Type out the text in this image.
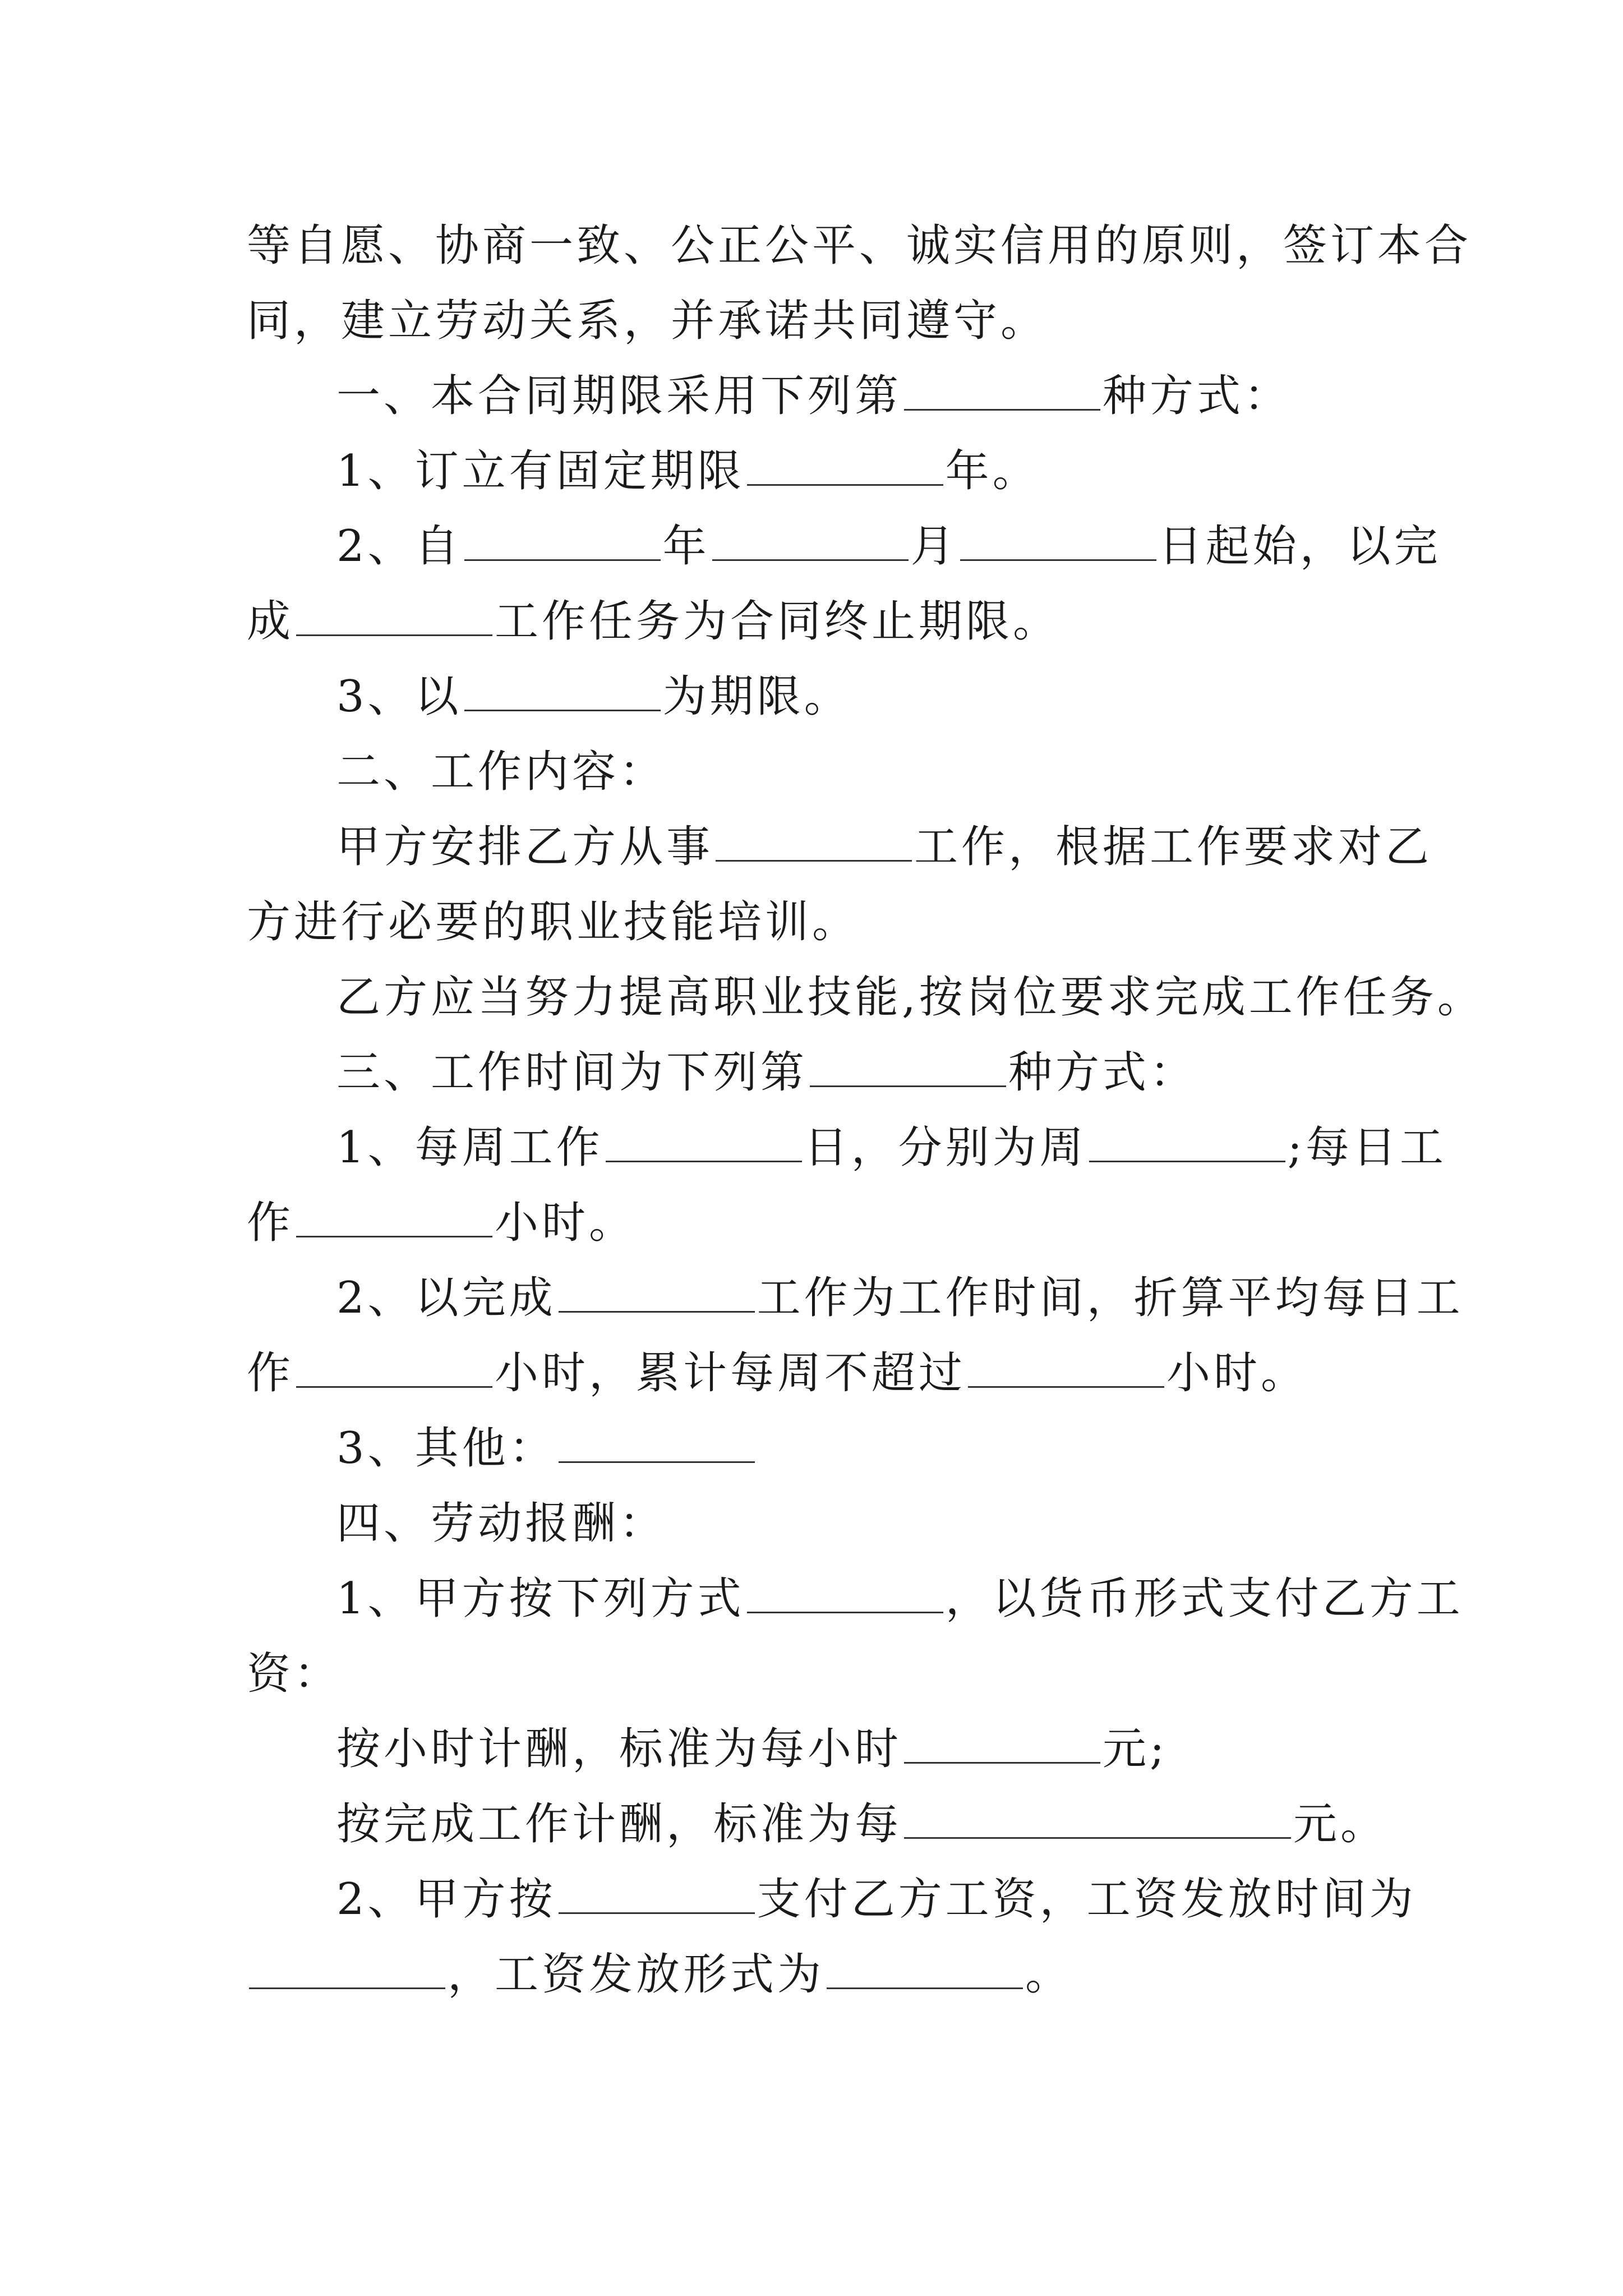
等自愿、协商一致、公正公平、诚实信用的原则，签订本合
同，建立劳动关系，并承诺共同遵守。
一、本合同期限采用下列第	种方式：
1、订立有固定期限	年。
2、自	年	月	日起始，以完
成	工作任务为合同终止期限。
3、以	为期限。
二、工作内容：
甲方安排乙方从事	工作，根据工作要求对乙
方进行必要的职业技能培训。
乙方应当努力提高职业技能,按岗位要求完成工作任务。
三、工作时间为下列第	种方式：
1、每周工作	日，分别为周	;每日工
作	小时。
2、以完成	工作为工作时间，折算平均每日工
作	小时，累计每周不超过	小时。
3、其他：
四、劳动报酬：
1、甲方按下列方式	，以货币形式支付乙方工
资：
按小时计酬，标准为每小时	元;
按完成工作计酬，标准为每	元。
2、甲方按	支付乙方工资，工资发放时间为
，工资发放形式为	。
